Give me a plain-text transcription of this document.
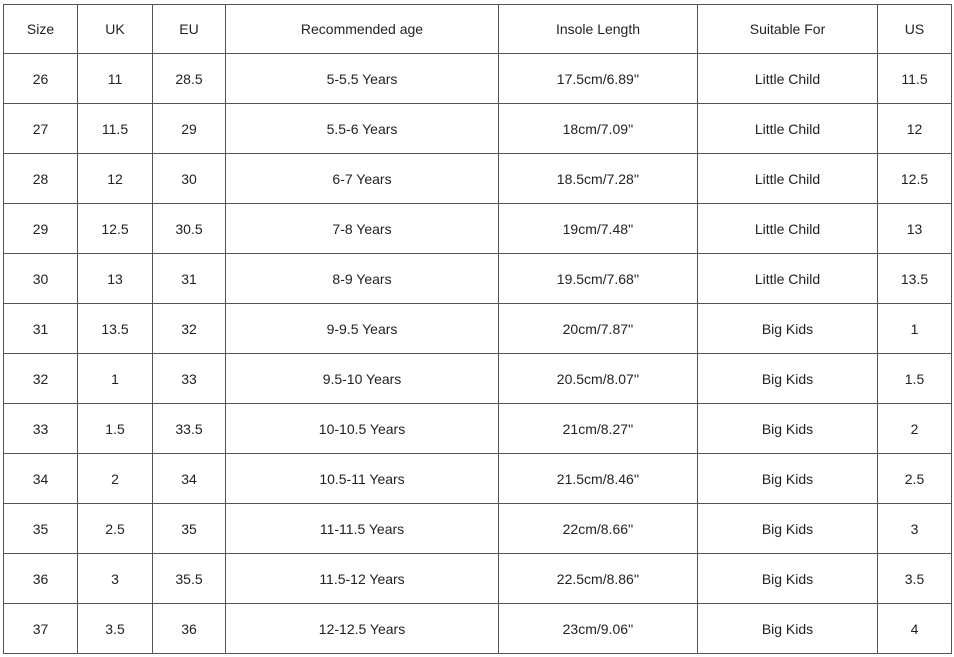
Size	UK	EU	Recommended age	Insole Length	Suitable For	US
26	11	28.5	5-5.5 Years	17.5cm/6.89''	Little Child	11.5
27	11.5	29	5.5-6 Years	18cm/7.09''	Little Child	12
28	12	30	6-7 Years	18.5cm/7.28''	Little Child	12.5
29	12.5	30.5	7-8 Years	19cm/7.48''	Little Child	13
30	13	31	8-9 Years	19.5cm/7.68''	Little Child	13.5
31	13.5	32	9-9.5 Years	20cm/7.87''	Big Kids	1
32	1	33	9.5-10 Years	20.5cm/8.07''	Big Kids	1.5
33	1.5	33.5	10-10.5 Years	21cm/8.27''	Big Kids	2
34	2	34	10.5-11 Years	21.5cm/8.46''	Big Kids	2.5
35	2.5	35	11-11.5 Years	22cm/8.66''	Big Kids	3
36	3	35.5	11.5-12 Years	22.5cm/8.86''	Big Kids	3.5
37	3.5	36	12-12.5 Years	23cm/9.06''	Big Kids	4
